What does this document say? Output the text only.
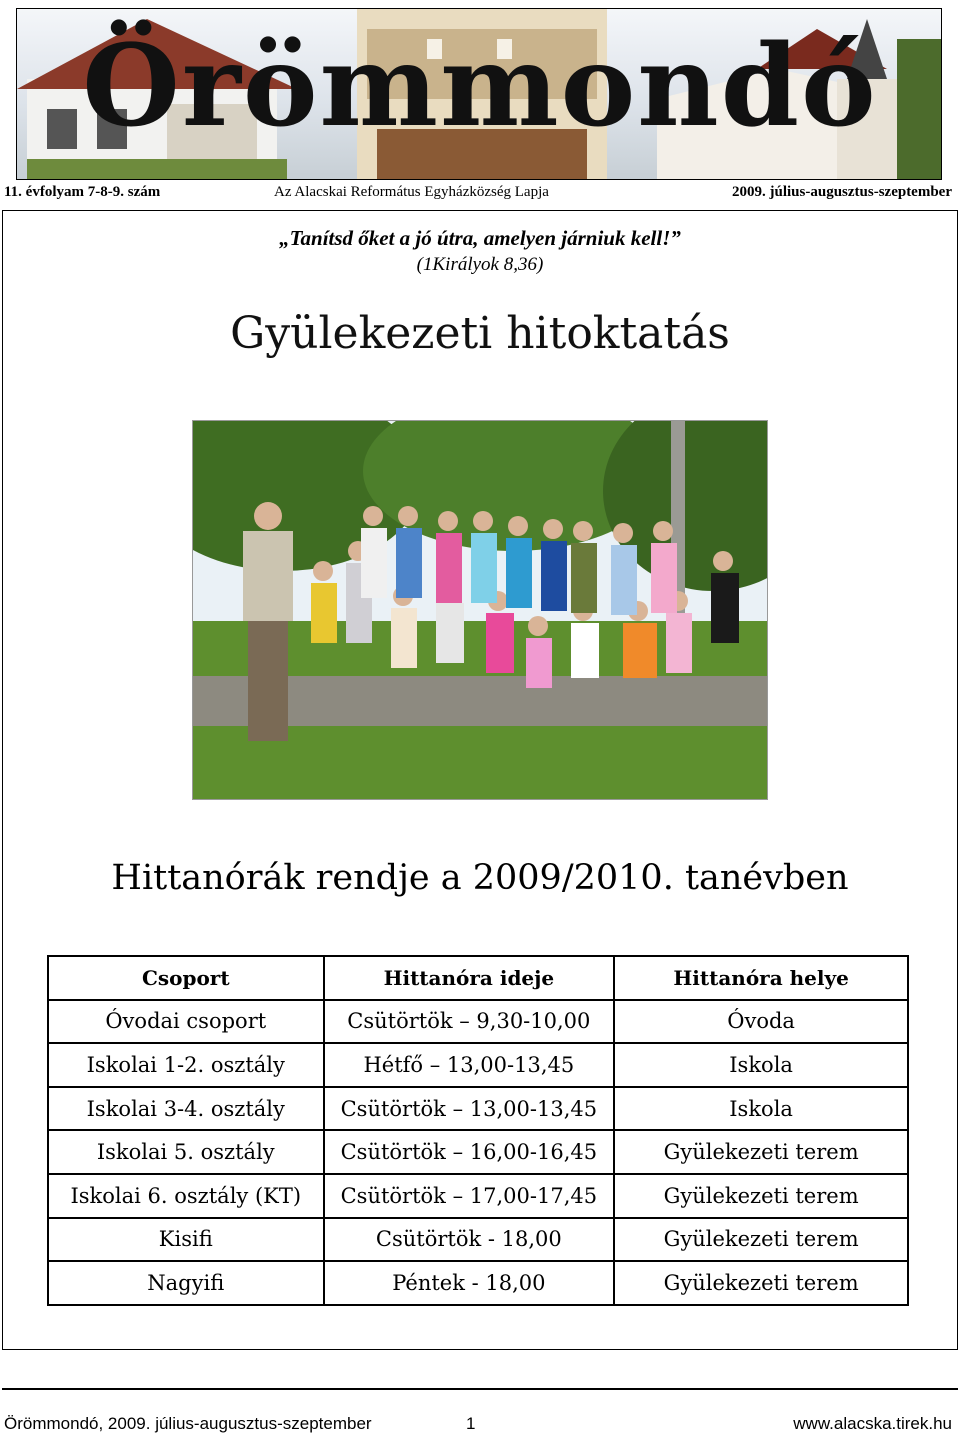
Örömmondó
11. évfolyam 7-8-9. szám	Az Alacskai Református Egyházközség Lapja	2009. július-augusztus-szeptember
„Tanítsd őket a jó útra, amelyen járniuk kell!”
(1Királyok 8,36)
Gyülekezeti hitoktatás
Hittanórák rendje a 2009/2010. tanévben
Csoport	Hittanóra ideje	Hittanóra helye
Óvodai csoport	Csütörtök – 9,30-10,00	Óvoda
Iskolai 1-2. osztály	Hétfő – 13,00-13,45	Iskola
Iskolai 3-4. osztály	Csütörtök – 13,00-13,45	Iskola
Iskolai 5. osztály	Csütörtök – 16,00-16,45	Gyülekezeti terem
Iskolai 6. osztály (KT)	Csütörtök – 17,00-17,45	Gyülekezeti terem
Kisifi	Csütörtök - 18,00	Gyülekezeti terem
Nagyifi	Péntek - 18,00	Gyülekezeti terem
Örömmondó, 2009. július-augusztus-szeptember	1	www.alacska.tirek.hu
